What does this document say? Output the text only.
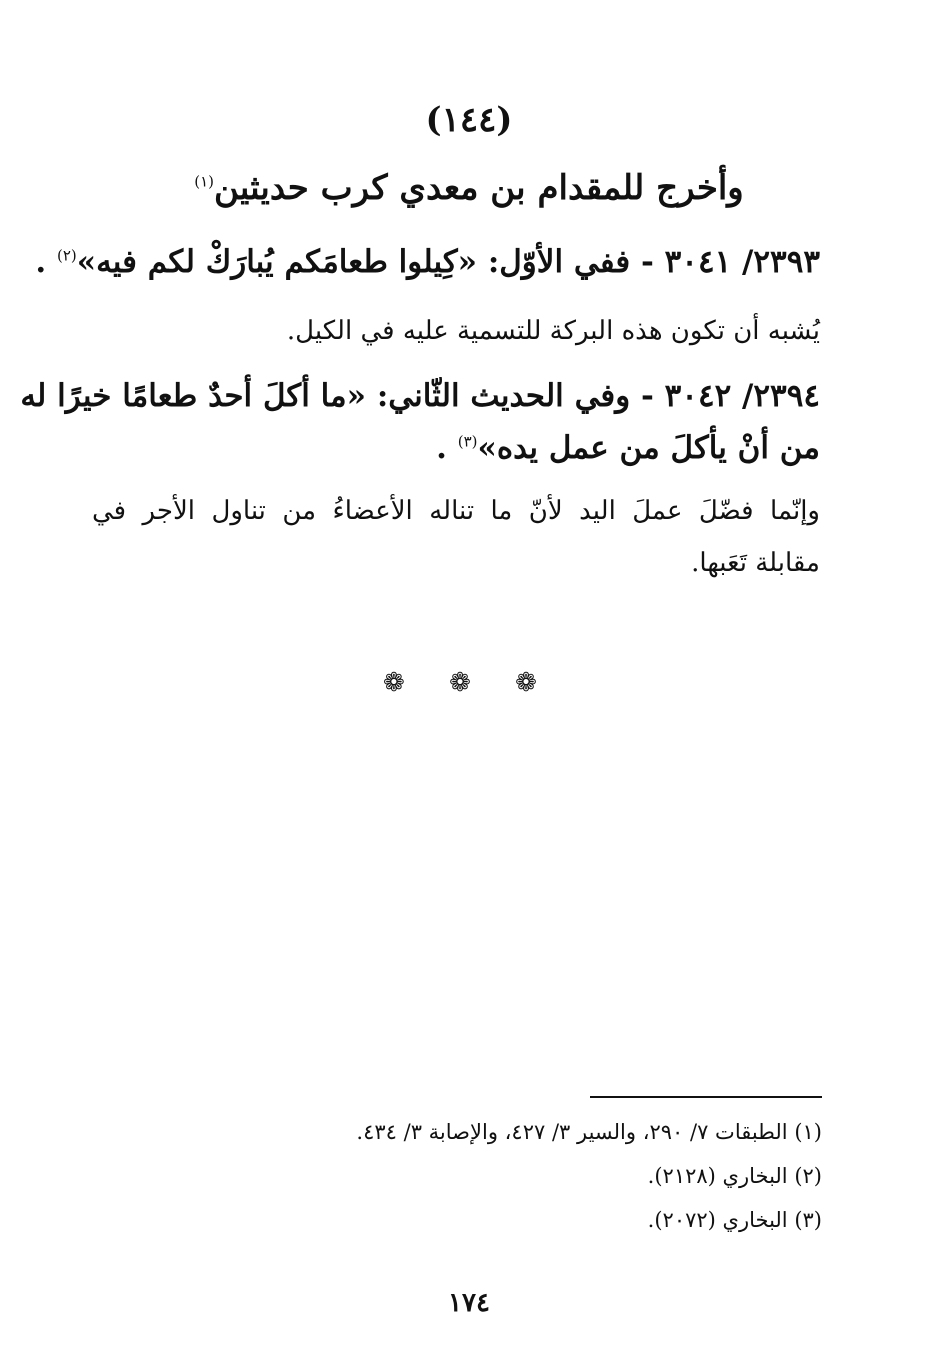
(١٤٤)
وأخرج للمقدام بن معدي كرب حديثين$^{(١)}$
٢٣٩٣/ ٣٠٤١ - ففي الأوّل: «كِيلوا طعامَكم يُبارَكْ لكم فيه»$^{(٢)}$ .
يُشبه أن تكون هذه البركة للتسمية عليه في الكيل.
٢٣٩٤/ ٣٠٤٢ - وفي الحديث الثّاني: «ما أكلَ أحدٌ طعامًا خيرًا له
من أنْ يأكلَ من عمل يده»$^{(٣)}$ .
وإنّما فضّلَ عملَ اليد لأنّ ما تناله الأعضاءُ من تناول الأجر في
مقابلة تَعَبها.
❁ ❁ ❁
(١) الطبقات ٧/ ٢٩٠، والسير ٣/ ٤٢٧، والإصابة ٣/ ٤٣٤.
(٢) البخاري (٢١٢٨).
(٣) البخاري (٢٠٧٢).
١٧٤
